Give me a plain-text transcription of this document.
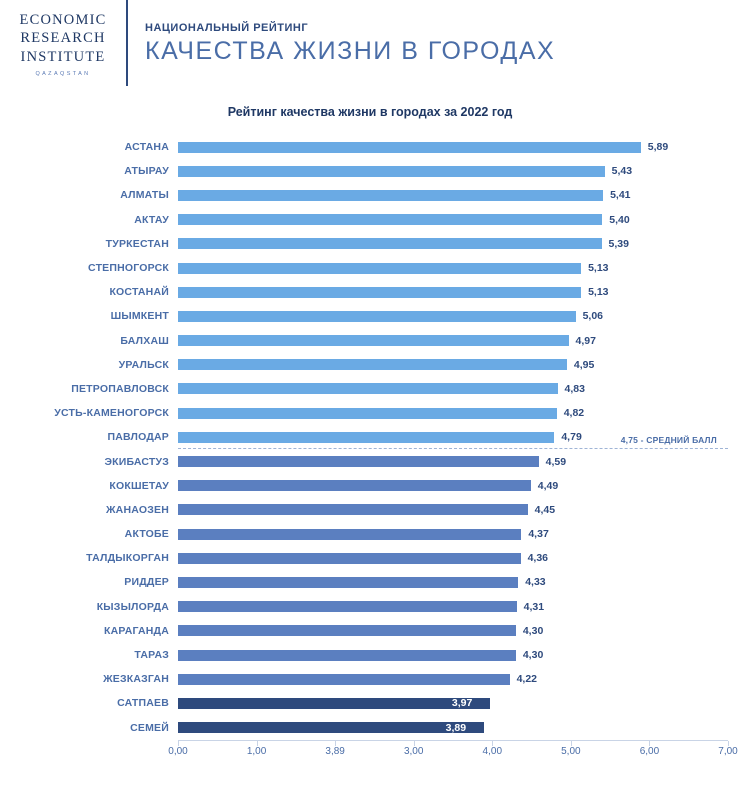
ECONOMIC
RESEARCH
INSTITUTE
QAZAQSTAN
НАЦИОНАЛЬНЫЙ РЕЙТИНГ
КАЧЕСТВА ЖИЗНИ В ГОРОДАХ
Рейтинг качества жизни в городах за 2022 год
АСТАНА	5,89
АТЫРАУ	5,43
АЛМАТЫ	5,41
АКТАУ	5,40
ТУРКЕСТАН	5,39
СТЕПНОГОРСК	5,13
КОСТАНАЙ	5,13
ШЫМКЕНТ	5,06
БАЛХАШ	4,97
УРАЛЬСК	4,95
ПЕТРОПАВЛОВСК	4,83
УСТЬ-КАМЕНОГОРСК	4,82
ПАВЛОДАР	4,79
ЭКИБАСТУЗ	4,59
КОКШЕТАУ	4,49
ЖАНАОЗЕН	4,45
АКТОБЕ	4,37
ТАЛДЫКОРГАН	4,36
РИДДЕР	4,33
КЫЗЫЛОРДА	4,31
КАРАГАНДА	4,30
ТАРАЗ	4,30
ЖЕЗКАЗГАН	4,22
САТПАЕВ	3,97
СЕМЕЙ	3,89
4,75 - СРЕДНИЙ БАЛЛ
0,00	1,00	3,89	3,00	4,00	5,00	6,00	7,00
